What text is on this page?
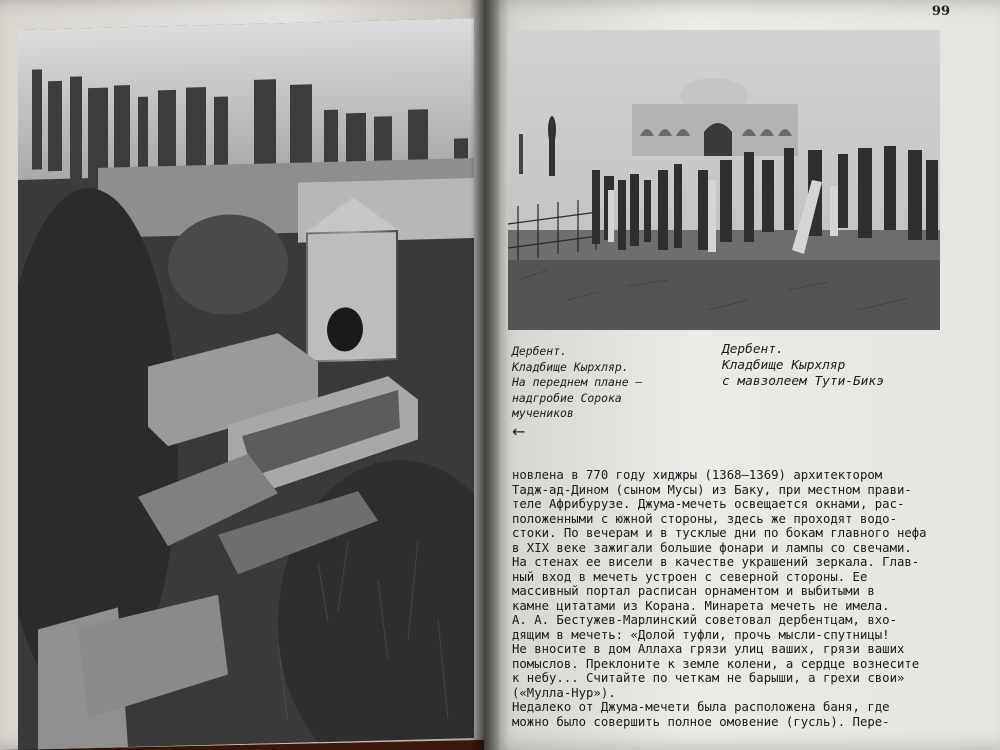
99
Дербент.
Кладбище Кырхляр.
На переднем плане —
надгробие Сорока
мучеников
←
Дербент.
Кладбище Кырхляр
с мавзолеем Тути-Бикэ
новлена в 770 году хиджры (1368—1369) архитектором
Тадж-ад-Дином (сыном Мусы) из Баку, при местном прави-
теле Африбурузе. Джума-мечеть освещается окнами, рас-
положенными с южной стороны, здесь же проходят водо-
стоки. По вечерам и в тусклые дни по бокам главного нефа
в XIX веке зажигали большие фонари и лампы со свечами.
На стенах ее висели в качестве украшений зеркала. Глав-
ный вход в мечеть устроен с северной стороны. Ее
массивный портал расписан орнаментом и выбитыми в
камне цитатами из Корана. Минарета мечеть не имела.
А. А. Бестужев-Марлинский советовал дербентцам, вхо-
дящим в мечеть: «Долой туфли, прочь мысли-спутницы!
Не вносите в дом Аллаха грязи улиц ваших, грязи ваших
помыслов. Преклоните к земле колени, а сердце вознесите
к небу... Считайте по четкам не барыши, а грехи свои»
(«Мулла-Нур»).
Недалеко от Джума-мечети была расположена баня, где
можно было совершить полное омовение (гусль). Пере-
